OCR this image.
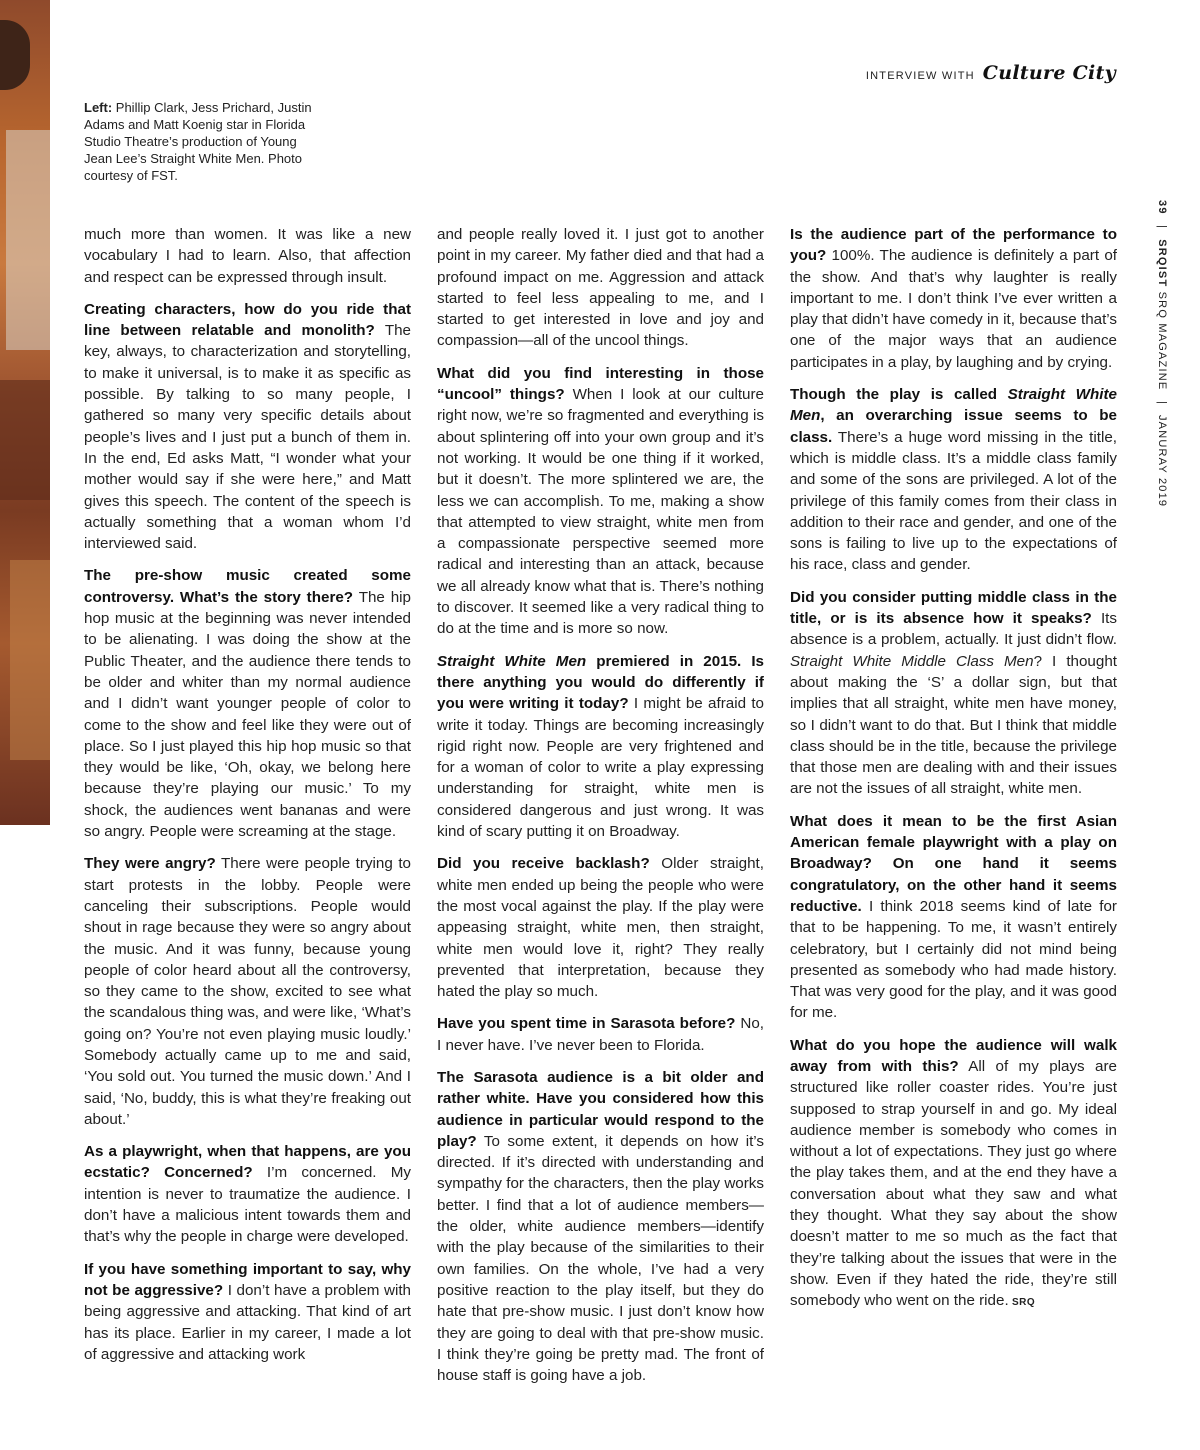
INTERVIEW WITH Culture City
Left: Phillip Clark, Jess Prichard, Justin Adams and Matt Koenig star in Florida Studio Theatre’s production of Young Jean Lee’s Straight White Men. Photo courtesy of FST.
39 | SRQIST SRQ MAGAZINE | JANURAY 2019

much more than women. It was like a new vocabulary I had to learn. Also, that affection and respect can be expressed through insult.

Creating characters, how do you ride that line between relatable and monolith? The key, always, to characterization and storytelling, to make it universal, is to make it as specific as possible. By talking to so many people, I gathered so many very specific details about people’s lives and I just put a bunch of them in. In the end, Ed asks Matt, “I wonder what your mother would say if she were here,” and Matt gives this speech. The content of the speech is actually something that a woman whom I’d interviewed said.

The pre-show music created some controversy. What’s the story there? The hip hop music at the beginning was never intended to be alienating. I was doing the show at the Public Theater, and the audience there tends to be older and whiter than my normal audience and I didn’t want younger people of color to come to the show and feel like they were out of place. So I just played this hip hop music so that they would be like, ‘Oh, okay, we belong here because they’re playing our music.’ To my shock, the audiences went bananas and were so angry. People were screaming at the stage.

They were angry? There were people trying to start protests in the lobby. People were canceling their subscriptions. People would shout in rage because they were so angry about the music. And it was funny, because young people of color heard about all the controversy, so they came to the show, excited to see what the scandalous thing was, and were like, ‘What’s going on? You’re not even playing music loudly.’ Somebody actually came up to me and said, ‘You sold out. You turned the music down.’ And I said, ‘No, buddy, this is what they’re freaking out about.’

As a playwright, when that happens, are you ecstatic? Concerned? I’m concerned. My intention is never to traumatize the audience. I don’t have a malicious intent towards them and that’s why the people in charge were developed.

If you have something important to say, why not be aggressive? I don’t have a problem with being aggressive and attacking. That kind of art has its place. Earlier in my career, I made a lot of aggressive and attacking work

and people really loved it. I just got to another point in my career. My father died and that had a profound impact on me. Aggression and attack started to feel less appealing to me, and I started to get interested in love and joy and compassion—all of the uncool things.

What did you find interesting in those “uncool” things? When I look at our culture right now, we’re so fragmented and everything is about splintering off into your own group and it’s not working. It would be one thing if it worked, but it doesn’t. The more splintered we are, the less we can accomplish. To me, making a show that attempted to view straight, white men from a compassionate perspective seemed more radical and interesting than an attack, because we all already know what that is. There’s nothing to discover. It seemed like a very radical thing to do at the time and is more so now.

Straight White Men premiered in 2015. Is there anything you would do differently if you were writing it today? I might be afraid to write it today. Things are becoming increasingly rigid right now. People are very frightened and for a woman of color to write a play expressing understanding for straight, white men is considered dangerous and just wrong. It was kind of scary putting it on Broadway.

Did you receive backlash? Older straight, white men ended up being the people who were the most vocal against the play. If the play were appeasing straight, white men, then straight, white men would love it, right? They really prevented that interpretation, because they hated the play so much.

Have you spent time in Sarasota before? No, I never have. I’ve never been to Florida.

The Sarasota audience is a bit older and rather white. Have you considered how this audience in particular would respond to the play? To some extent, it depends on how it’s directed. If it’s directed with understanding and sympathy for the characters, then the play works better. I find that a lot of audience members—the older, white audience members—identify with the play because of the similarities to their own families. On the whole, I’ve had a very positive reaction to the play itself, but they do hate that pre-show music. I just don’t know how they are going to deal with that pre-show music. I think they’re going be pretty mad. The front of house staff is going have a job.

Is the audience part of the performance to you? 100%. The audience is definitely a part of the show. And that’s why laughter is really important to me. I don’t think I’ve ever written a play that didn’t have comedy in it, because that’s one of the major ways that an audience participates in a play, by laughing and by crying.

Though the play is called Straight White Men, an overarching issue seems to be class. There’s a huge word missing in the title, which is middle class. It’s a middle class family and some of the sons are privileged. A lot of the privilege of this family comes from their class in addition to their race and gender, and one of the sons is failing to live up to the expectations of his race, class and gender.

Did you consider putting middle class in the title, or is its absence how it speaks? Its absence is a problem, actually. It just didn’t flow. Straight White Middle Class Men? I thought about making the ‘S’ a dollar sign, but that implies that all straight, white men have money, so I didn’t want to do that. But I think that middle class should be in the title, because the privilege that those men are dealing with and their issues are not the issues of all straight, white men.

What does it mean to be the first Asian American female playwright with a play on Broadway? On one hand it seems congratulatory, on the other hand it seems reductive. I think 2018 seems kind of late for that to be happening. To me, it wasn’t entirely celebratory, but I certainly did not mind being presented as somebody who had made history. That was very good for the play, and it was good for me.

What do you hope the audience will walk away from with this? All of my plays are structured like roller coaster rides. You’re just supposed to strap yourself in and go. My ideal audience member is somebody who comes in without a lot of expectations. They just go where the play takes them, and at the end they have a conversation about what they saw and what they thought. What they say about the show doesn’t matter to me so much as the fact that they’re talking about the issues that were in the show. Even if they hated the ride, they’re still somebody who went on the ride. SRQ
